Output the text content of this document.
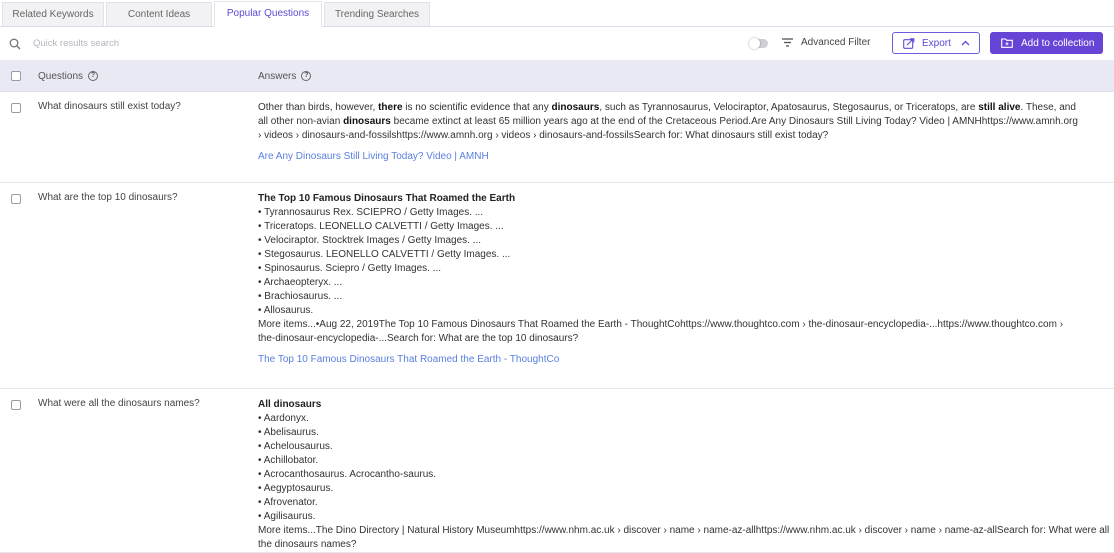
Related Keywords	Content Ideas	Popular Questions	Trending Searches
Quick results search
Advanced Filter	Export	Add to collection
Questions	?	Answers	?
What dinosaurs still exist today?	Other than birds, however, there is no scientific evidence that any dinosaurs, such as Tyrannosaurus, Velociraptor, Apatosaurus, Stegosaurus, or Triceratops, are still alive. These, and all other non-avian dinosaurs became extinct at least 65 million years ago at the end of the Cretaceous Period.Are Any Dinosaurs Still Living Today? Video | AMNHhttps://www.amnh.org › videos › dinosaurs-and-fossilshttps://www.amnh.org › videos › dinosaurs-and-fossilsSearch for: What dinosaurs still exist today?
Are Any Dinosaurs Still Living Today? Video | AMNH
What are the top 10 dinosaurs?	The Top 10 Famous Dinosaurs That Roamed the Earth
• Tyrannosaurus Rex. SCIEPRO / Getty Images. ...
• Triceratops. LEONELLO CALVETTI / Getty Images. ...
• Velociraptor. Stocktrek Images / Getty Images. ...
• Stegosaurus. LEONELLO CALVETTI / Getty Images. ...
• Spinosaurus. Sciepro / Getty Images. ...
• Archaeopteryx. ...
• Brachiosaurus. ...
• Allosaurus.
More items...•Aug 22, 2019The Top 10 Famous Dinosaurs That Roamed the Earth - ThoughtCohttps://www.thoughtco.com › the-dinosaur-encyclopedia-...https://www.thoughtco.com › the-dinosaur-encyclopedia-...Search for: What are the top 10 dinosaurs?
The Top 10 Famous Dinosaurs That Roamed the Earth - ThoughtCo
What were all the dinosaurs names?	All dinosaurs
• Aardonyx.
• Abelisaurus.
• Achelousaurus.
• Achillobator.
• Acrocanthosaurus. Acrocantho-saurus.
• Aegyptosaurus.
• Afrovenator.
• Agilisaurus.
More items...The Dino Directory | Natural History Museumhttps://www.nhm.ac.uk › discover › name › name-az-allhttps://www.nhm.ac.uk › discover › name › name-az-allSearch for: What were all the dinosaurs names?
